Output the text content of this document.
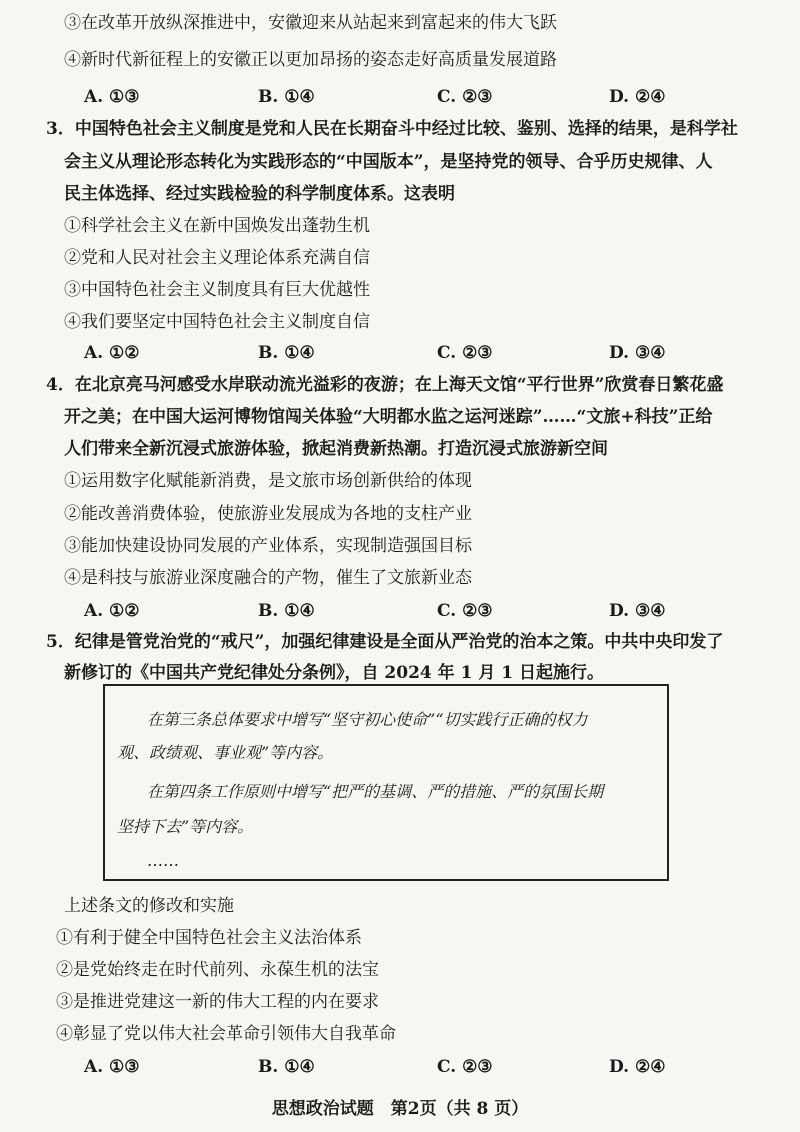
③在改革开放纵深推进中，安徽迎来从站起来到富起来的伟大飞跃
④新时代新征程上的安徽正以更加昂扬的姿态走好高质量发展道路
A. ①③	B. ①④	C. ②③	D. ②④
3．中国特色社会主义制度是党和人民在长期奋斗中经过比较、鉴别、选择的结果，是科学社
会主义从理论形态转化为实践形态的“中国版本”，是坚持党的领导、合乎历史规律、人
民主体选择、经过实践检验的科学制度体系。这表明
①科学社会主义在新中国焕发出蓬勃生机
②党和人民对社会主义理论体系充满自信
③中国特色社会主义制度具有巨大优越性
④我们要坚定中国特色社会主义制度自信
A. ①②	B. ①④	C. ②③	D. ③④
4．在北京亮马河感受水岸联动流光溢彩的夜游；在上海天文馆“平行世界”欣赏春日繁花盛
开之美；在中国大运河博物馆闯关体验“大明都水监之运河迷踪”……“文旅+科技”正给
人们带来全新沉浸式旅游体验，掀起消费新热潮。打造沉浸式旅游新空间
①运用数字化赋能新消费，是文旅市场创新供给的体现
②能改善消费体验，使旅游业发展成为各地的支柱产业
③能加快建设协同发展的产业体系，实现制造强国目标
④是科技与旅游业深度融合的产物，催生了文旅新业态
A. ①②	B. ①④	C. ②③	D. ③④
5．纪律是管党治党的“戒尺”，加强纪律建设是全面从严治党的治本之策。中共中央印发了
新修订的《中国共产党纪律处分条例》，自 2024 年 1 月 1 日起施行。
在第三条总体要求中增写“坚守初心使命”“切实践行正确的权力
观、政绩观、事业观”等内容。
在第四条工作原则中增写“把严的基调、严的措施、严的氛围长期
坚持下去”等内容。
……
上述条文的修改和实施
①有利于健全中国特色社会主义法治体系
②是党始终走在时代前列、永葆生机的法宝
③是推进党建这一新的伟大工程的内在要求
④彰显了党以伟大社会革命引领伟大自我革命
A. ①③	B. ①④	C. ②③	D. ②④
思想政治试题　第2页（共 8 页）
